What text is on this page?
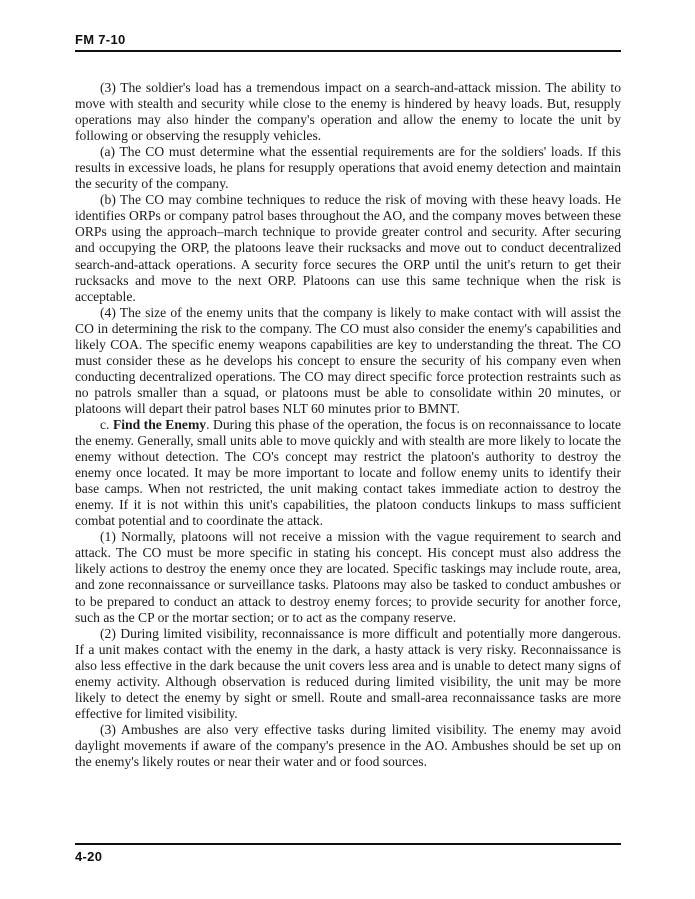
FM 7-10

(3) The soldier's load has a tremendous impact on a search-and-attack mission. The ability to move with stealth and security while close to the enemy is hindered by heavy loads. But, resupply operations may also hinder the company's operation and allow the enemy to locate the unit by following or observing the resupply vehicles.

(a) The CO must determine what the essential requirements are for the soldiers' loads. If this results in excessive loads, he plans for resupply operations that avoid enemy detection and maintain the security of the company.

(b) The CO may combine techniques to reduce the risk of moving with these heavy loads. He identifies ORPs or company patrol bases throughout the AO, and the company moves between these ORPs using the approach–march technique to provide greater control and security. After securing and occupying the ORP, the platoons leave their rucksacks and move out to conduct decentralized search-and-attack operations. A security force secures the ORP until the unit's return to get their rucksacks and move to the next ORP. Platoons can use this same technique when the risk is acceptable.

(4) The size of the enemy units that the company is likely to make contact with will assist the CO in determining the risk to the company. The CO must also consider the enemy's capabilities and likely COA. The specific enemy weapons capabilities are key to understanding the threat. The CO must consider these as he develops his concept to ensure the security of his company even when conducting decentralized operations. The CO may direct specific force protection restraints such as no patrols smaller than a squad, or platoons must be able to consolidate within 20 minutes, or platoons will depart their patrol bases NLT 60 minutes prior to BMNT.

c. Find the Enemy. During this phase of the operation, the focus is on reconnaissance to locate the enemy. Generally, small units able to move quickly and with stealth are more likely to locate the enemy without detection. The CO's concept may restrict the platoon's authority to destroy the enemy once located. It may be more important to locate and follow enemy units to identify their base camps. When not restricted, the unit making contact takes immediate action to destroy the enemy. If it is not within this unit's capabilities, the platoon conducts linkups to mass sufficient combat potential and to coordinate the attack.

(1) Normally, platoons will not receive a mission with the vague requirement to search and attack. The CO must be more specific in stating his concept. His concept must also address the likely actions to destroy the enemy once they are located. Specific taskings may include route, area, and zone reconnaissance or surveillance tasks. Platoons may also be tasked to conduct ambushes or to be prepared to conduct an attack to destroy enemy forces; to provide security for another force, such as the CP or the mortar section; or to act as the company reserve.

(2) During limited visibility, reconnaissance is more difficult and potentially more dangerous. If a unit makes contact with the enemy in the dark, a hasty attack is very risky. Reconnaissance is also less effective in the dark because the unit covers less area and is unable to detect many signs of enemy activity. Although observation is reduced during limited visibility, the unit may be more likely to detect the enemy by sight or smell. Route and small-area reconnaissance tasks are more effective for limited visibility.

(3) Ambushes are also very effective tasks during limited visibility. The enemy may avoid daylight movements if aware of the company's presence in the AO. Ambushes should be set up on the enemy's likely routes or near their water and or food sources.

4-20
